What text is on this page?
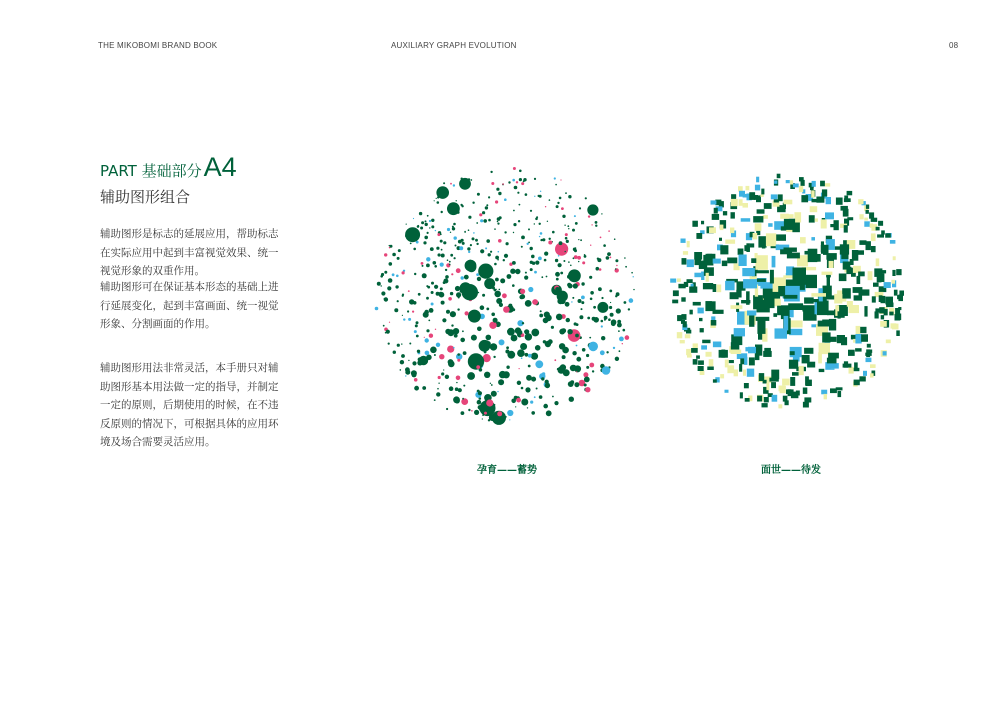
THE MIKOBOMI BRAND BOOK	AUXILIARY GRAPH EVOLUTION	08
PART 基础部分A4
辅助图形组合

辅助图形是标志的延展应用，帮助标志在实际应用中起到丰富视觉效果、统一视觉形象的双重作用。

辅助图形可在保证基本形态的基础上进行延展变化，起到丰富画面、统一视觉形象、分割画面的作用。

辅助图形用法非常灵活，本手册只对辅助图形基本用法做一定的指导，并制定一定的原则，后期使用的时候，在不违反原则的情况下，可根据具体的应用环境及场合需要灵活应用。

孕育——蓄势	面世——待发
